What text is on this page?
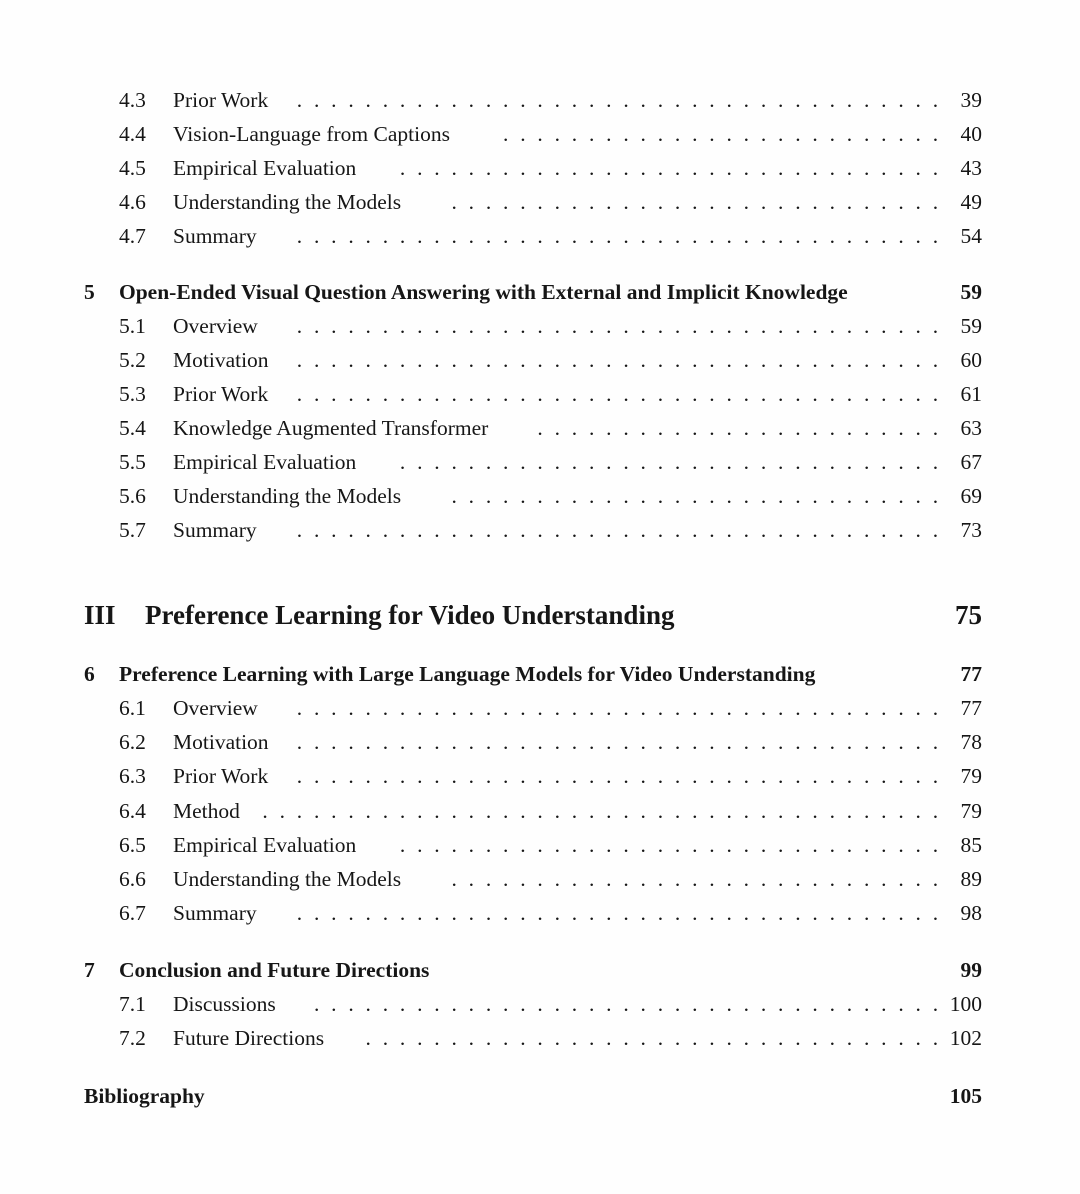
. . . . . . . . . . . . . . . . . . . . . . . . . . . . . . . . . . . . . .
4.3	Prior Work	39
. . . . . . . . . . . . . . . . . . . . . . . . . .
4.4	Vision-Language from Captions	40
. . . . . . . . . . . . . . . . . . . . . . . . . . . . . . . .
4.5	Empirical Evaluation	43
. . . . . . . . . . . . . . . . . . . . . . . . . . . . .
4.6	Understanding the Models	49
. . . . . . . . . . . . . . . . . . . . . . . . . . . . . . . . . . . . . .
4.7	Summary	54
5 Open-Ended Visual Question Answering with External and Implicit Knowledge	59
. . . . . . . . . . . . . . . . . . . . . . . . . . . . . . . . . . . . . .
5.1	Overview	59
. . . . . . . . . . . . . . . . . . . . . . . . . . . . . . . . . . . . . .
5.2	Motivation	60
. . . . . . . . . . . . . . . . . . . . . . . . . . . . . . . . . . . . . .
5.3	Prior Work	61
. . . . . . . . . . . . . . . . . . . . . . . .
5.4	Knowledge Augmented Transformer	63
. . . . . . . . . . . . . . . . . . . . . . . . . . . . . . . .
5.5	Empirical Evaluation	67
. . . . . . . . . . . . . . . . . . . . . . . . . . . . .
5.6	Understanding the Models	69
. . . . . . . . . . . . . . . . . . . . . . . . . . . . . . . . . . . . . .
5.7	Summary	73
III Preference Learning for Video Understanding	75
6 Preference Learning with Large Language Models for Video Understanding	77
. . . . . . . . . . . . . . . . . . . . . . . . . . . . . . . . . . . . . .
6.1	Overview	77
. . . . . . . . . . . . . . . . . . . . . . . . . . . . . . . . . . . . . .
6.2	Motivation	78
. . . . . . . . . . . . . . . . . . . . . . . . . . . . . . . . . . . . . .
6.3	Prior Work	79
. . . . . . . . . . . . . . . . . . . . . . . . . . . . . . . . . . . . . . . .
6.4	Method	79
. . . . . . . . . . . . . . . . . . . . . . . . . . . . . . . .
6.5	Empirical Evaluation	85
. . . . . . . . . . . . . . . . . . . . . . . . . . . . .
6.6	Understanding the Models	89
. . . . . . . . . . . . . . . . . . . . . . . . . . . . . . . . . . . . . .
6.7	Summary	98
7 Conclusion and Future Directions	99
. . . . . . . . . . . . . . . . . . . . . . . . . . . . . . . . . . . . .
7.1	Discussions	100
. . . . . . . . . . . . . . . . . . . . . . . . . . . . . . . . . .
7.2	Future Directions	102
Bibliography	105
